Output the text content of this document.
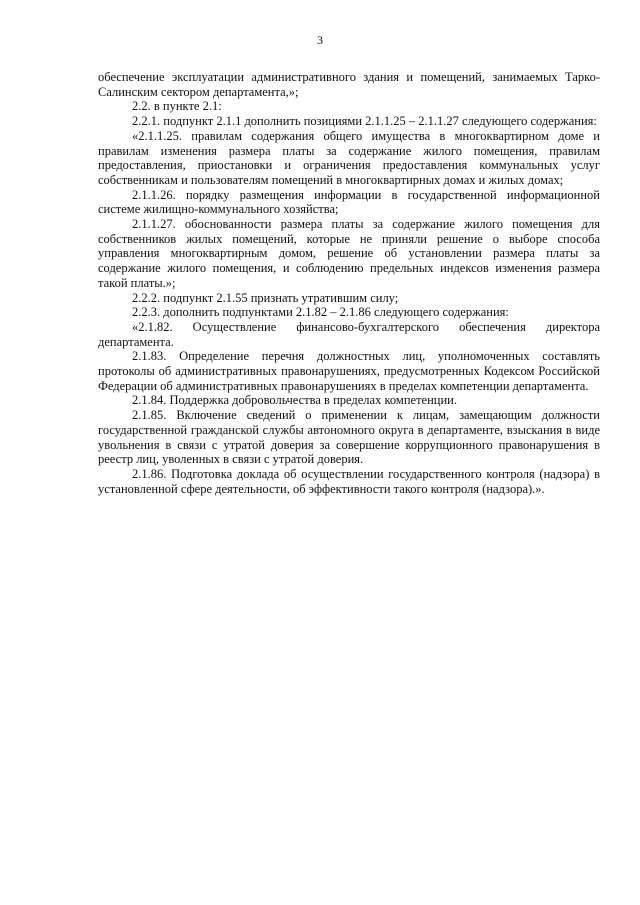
3

обеспечение эксплуатации административного здания и помещений, занимаемых Тарко-Салинским сектором департамента,»;

2.2. в пункте 2.1:

2.2.1. подпункт 2.1.1 дополнить позициями 2.1.1.25 – 2.1.1.27 следующего содержания:

«2.1.1.25. правилам содержания общего имущества в многоквартирном доме и правилам изменения размера платы за содержание жилого помещения, правилам предоставления, приостановки и ограничения предоставления коммунальных услуг собственникам и пользователям помещений в многоквартирных домах и жилых домах;

2.1.1.26. порядку размещения информации в государственной информационной системе жилищно-коммунального хозяйства;

2.1.1.27. обоснованности размера платы за содержание жилого помещения для собственников жилых помещений, которые не приняли решение о выборе способа управления многоквартирным домом, решение об установлении размера платы за содержание жилого помещения, и соблюдению предельных индексов изменения размера такой платы.»;

2.2.2. подпункт 2.1.55 признать утратившим силу;

2.2.3. дополнить подпунктами 2.1.82 – 2.1.86 следующего содержания:

«2.1.82. Осуществление финансово-бухгалтерского обеспечения директора департамента.

2.1.83. Определение перечня должностных лиц, уполномоченных составлять протоколы об административных правонарушениях, предусмотренных Кодексом Российской Федерации об административных правонарушениях в пределах компетенции департамента.

2.1.84. Поддержка добровольчества в пределах компетенции.

2.1.85. Включение сведений о применении к лицам, замещающим должности государственной гражданской службы автономного округа в департаменте, взыскания в виде увольнения в связи с утратой доверия за совершение коррупционного правонарушения в реестр лиц, уволенных в связи с утратой доверия.

2.1.86. Подготовка доклада об осуществлении государственного контроля (надзора) в установленной сфере деятельности, об эффективности такого контроля (надзора).».
